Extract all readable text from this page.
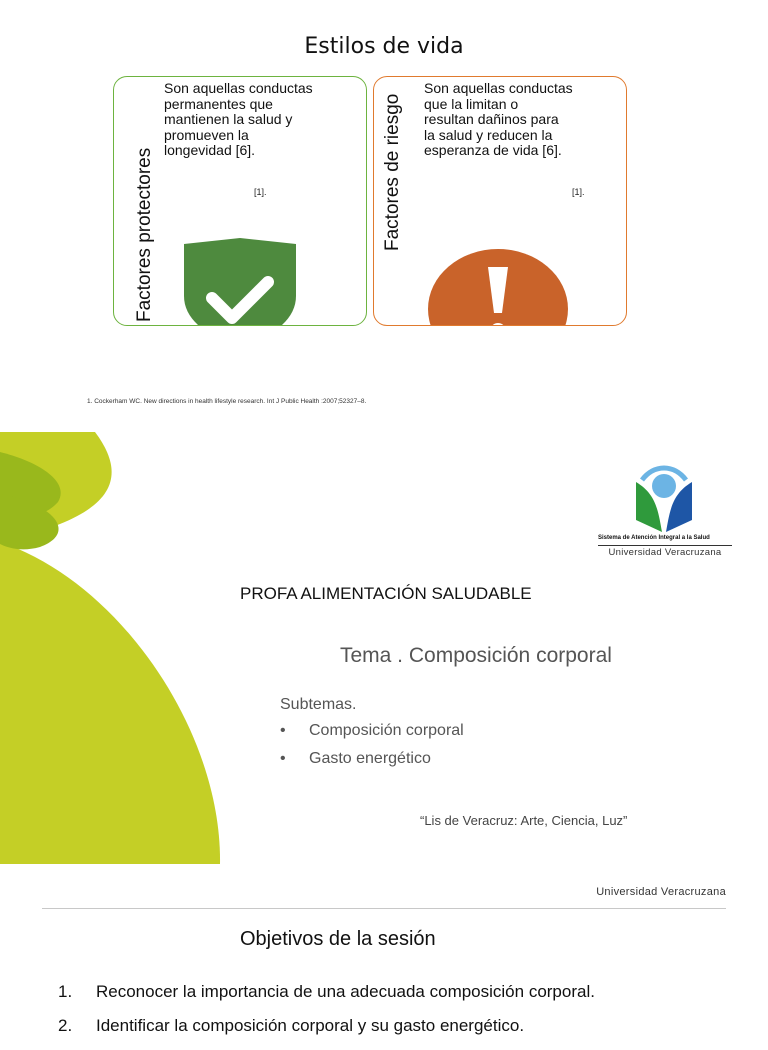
Estilos de vida
Factores protectores
Son aquellas conductas
permanentes que
mantienen la salud y
promueven la
longevidad [6].
[1].	Factores de riesgo
Son aquellas conductas
que la limitan o
resultan dañinos para
la salud y reducen la
esperanza de vida [6].
[1].
1. Cockerham WC. New directions in health lifestyle research. Int J Public Health :2007;52327–8.
Sistema de Atención Integral a la Salud
Universidad Veracruzana
PROFA ALIMENTACIÓN SALUDABLE
Tema . Composición corporal
Subtemas.
• Composición corporal
• Gasto energético
“Lis de Veracruz: Arte, Ciencia, Luz”
Universidad Veracruzana
Objetivos de la sesión
1. Reconocer la importancia de una adecuada composición corporal.
2. Identificar la composición corporal y su gasto energético.
